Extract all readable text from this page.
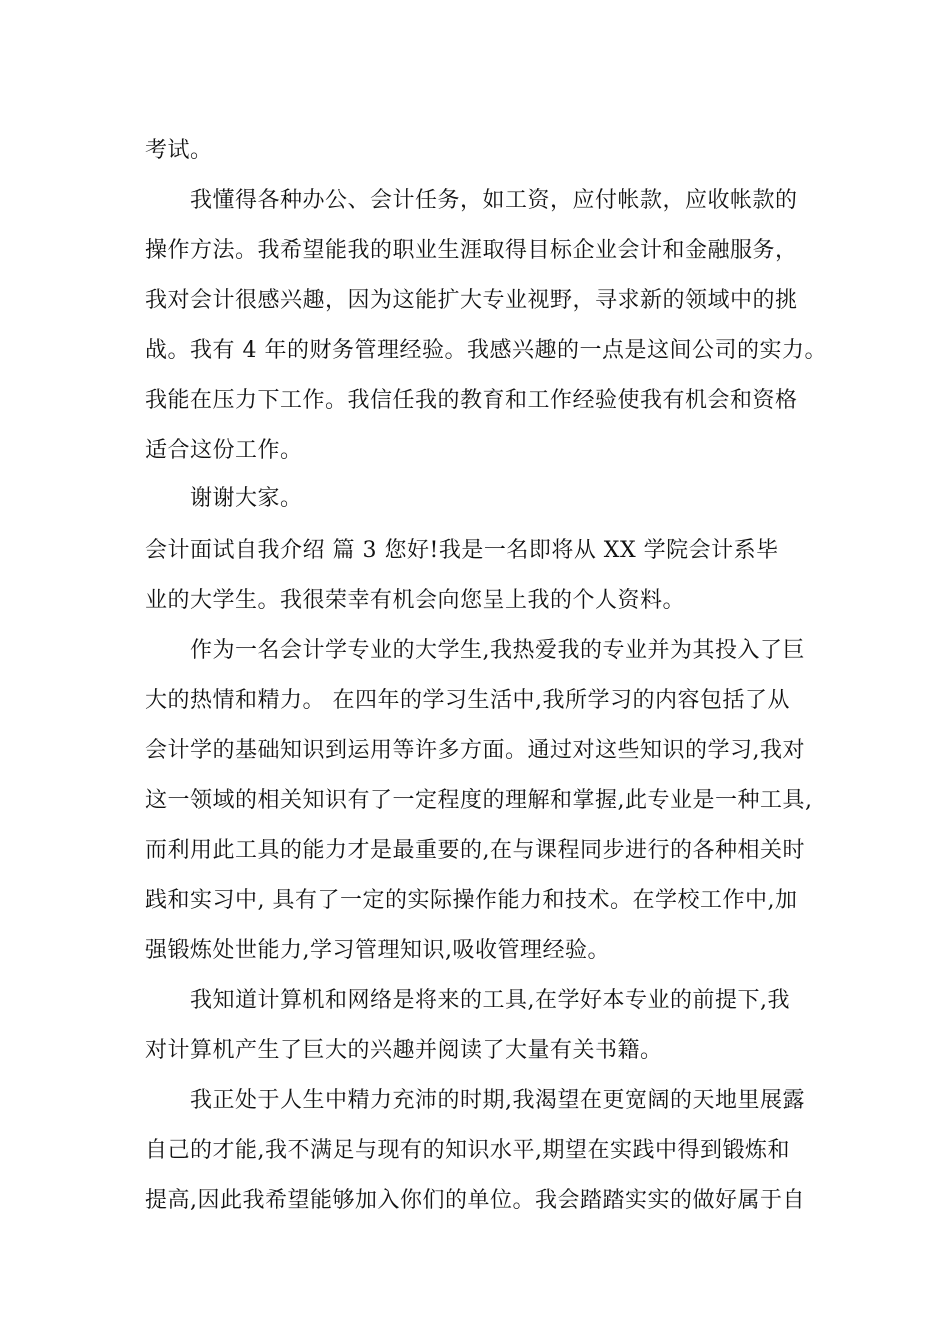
考试。
我懂得各种办公、会计任务，如工资，应付帐款，应收帐款的
操作方法。我希望能我的职业生涯取得目标企业会计和金融服务，
我对会计很感兴趣，因为这能扩大专业视野，寻求新的领域中的挑
战。我有 4 年的财务管理经验。我感兴趣的一点是这间公司的实力。
我能在压力下工作。我信任我的教育和工作经验使我有机会和资格
适合这份工作。
谢谢大家。
会计面试自我介绍 篇 3 您好!我是一名即将从 XX 学院会计系毕
业的大学生。我很荣幸有机会向您呈上我的个人资料。
作为一名会计学专业的大学生,我热爱我的专业并为其投入了巨
大的热情和精力。 在四年的学习生活中,我所学习的内容包括了从
会计学的基础知识到运用等许多方面。通过对这些知识的学习,我对
这一领域的相关知识有了一定程度的理解和掌握,此专业是一种工具,
而利用此工具的能力才是最重要的,在与课程同步进行的各种相关时
践和实习中, 具有了一定的实际操作能力和技术。在学校工作中,加
强锻炼处世能力,学习管理知识,吸收管理经验。
我知道计算机和网络是将来的工具,在学好本专业的前提下,我
对计算机产生了巨大的兴趣并阅读了大量有关书籍。
我正处于人生中精力充沛的时期,我渴望在更宽阔的天地里展露
自己的才能,我不满足与现有的知识水平,期望在实践中得到锻炼和
提高,因此我希望能够加入你们的单位。我会踏踏实实的做好属于自
